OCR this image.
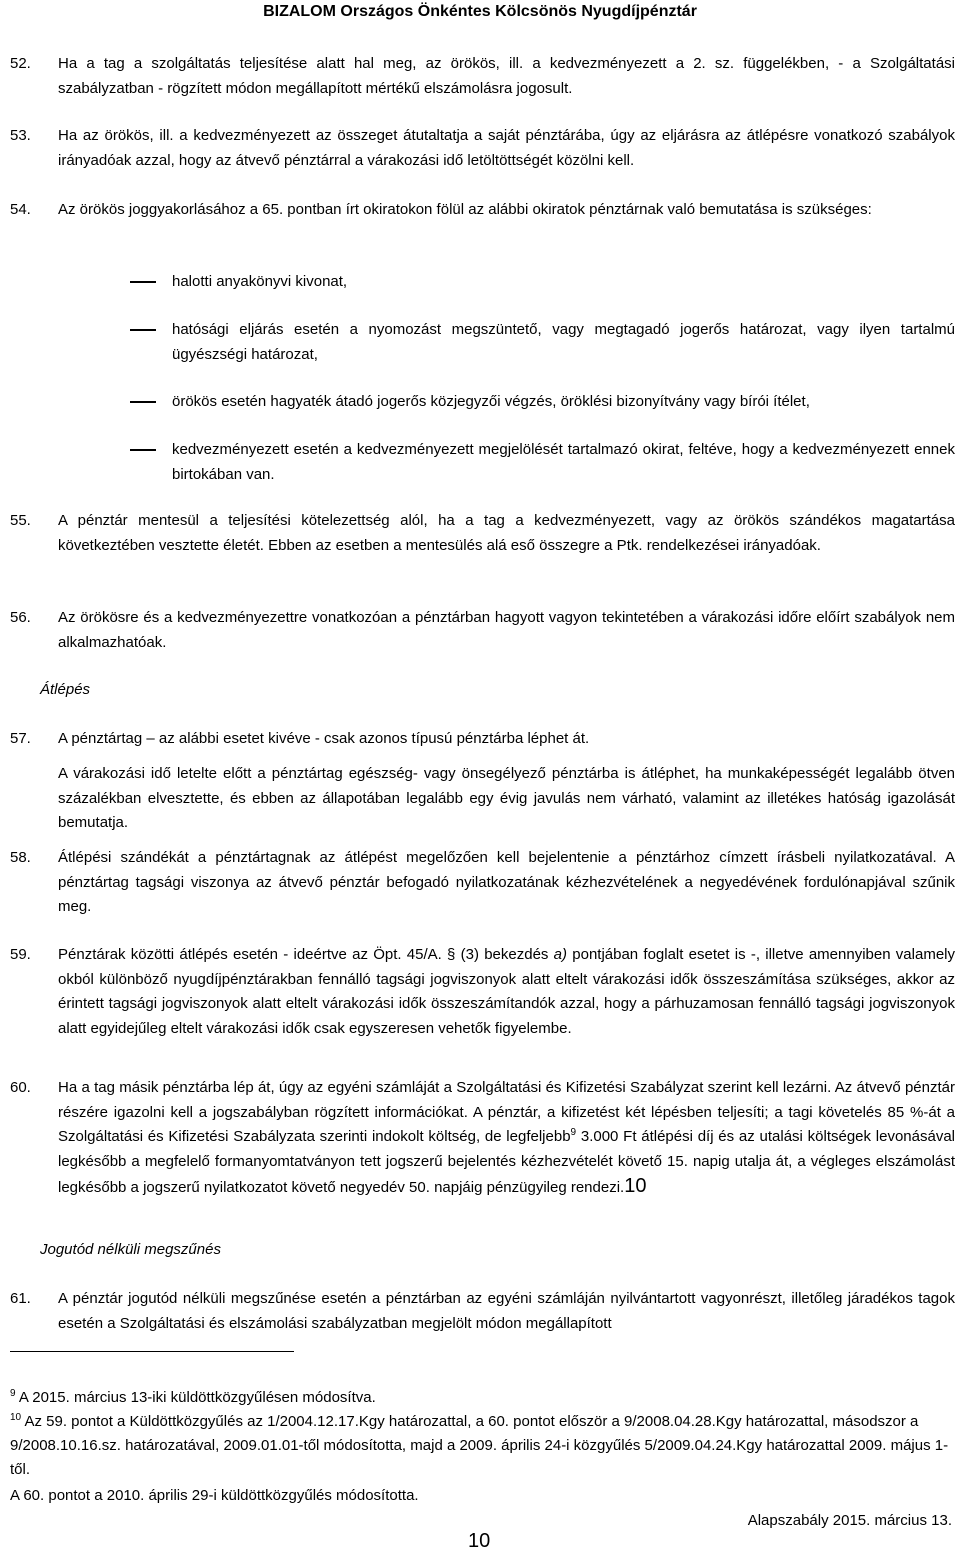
BIZALOM Országos Önkéntes Kölcsönös Nyugdíjpénztár
52.	Ha a tag a szolgáltatás teljesítése alatt hal meg, az örökös, ill. a kedvezményezett a 2. sz. függelékben, - a Szolgáltatási szabályzatban - rögzített módon megállapított mértékű elszámolásra jogosult.
53.	Ha az örökös, ill. a kedvezményezett az összeget átutaltatja a saját pénztárába, úgy az eljárásra az átlépésre vonatkozó szabályok irányadóak azzal, hogy az átvevő pénztárral a várakozási idő letöltöttségét közölni kell.
54.	Az örökös joggyakorlásához a 65. pontban írt okiratokon fölül az alábbi okiratok pénztárnak való bemutatása is szükséges:
halotti anyakönyvi kivonat,
hatósági eljárás esetén a nyomozást megszüntető, vagy megtagadó jogerős határozat, vagy ilyen tartalmú ügyészségi határozat,
örökös esetén hagyaték átadó jogerős közjegyzői végzés, öröklési bizonyítvány vagy bírói ítélet,
kedvezményezett esetén a kedvezményezett megjelölését tartalmazó okirat, feltéve, hogy a kedvezményezett ennek birtokában van.
55.	A pénztár mentesül a teljesítési kötelezettség alól, ha a tag a kedvezményezett, vagy az örökös szándékos magatartása következtében vesztette életét. Ebben az esetben a mentesülés alá eső összegre a Ptk. rendelkezései irányadóak.
56.	Az örökösre és a kedvezményezettre vonatkozóan a pénztárban hagyott vagyon tekintetében a várakozási időre előírt szabályok nem alkalmazhatóak.
Átlépés
57.	A pénztártag – az alábbi esetet kivéve - csak azonos típusú pénztárba léphet át.
A várakozási idő letelte előtt a pénztártag egészség- vagy önsegélyező pénztárba is átléphet, ha munkaképességét legalább ötven százalékban elvesztette, és ebben az állapotában legalább egy évig javulás nem várható, valamint az illetékes hatóság igazolását bemutatja.
58.	Átlépési szándékát a pénztártagnak az átlépést megelőzően kell bejelentenie a pénztárhoz címzett írásbeli nyilatkozatával. A pénztártag tagsági viszonya az átvevő pénztár befogadó nyilatkozatának kézhezvételének a negyedévének fordulónapjával szűnik meg.
59.	Pénztárak közötti átlépés esetén - ideértve az Öpt. 45/A. § (3) bekezdés a) pontjában foglalt esetet is -, illetve amennyiben valamely okból különböző nyugdíjpénztárakban fennálló tagsági jogviszonyok alatt eltelt várakozási idők összeszámítása szükséges, akkor az érintett tagsági jogviszonyok alatt eltelt várakozási idők összeszámítandók azzal, hogy a párhuzamosan fennálló tagsági jogviszonyok alatt egyidejűleg eltelt várakozási idők csak egyszeresen vehetők figyelembe.
60.	Ha a tag másik pénztárba lép át, úgy az egyéni számláját a Szolgáltatási és Kifizetési Szabályzat szerint kell lezárni. Az átvevő pénztár részére igazolni kell a jogszabályban rögzített információkat. A pénztár, a kifizetést két lépésben teljesíti; a tagi követelés 85 %-át a Szolgáltatási és Kifizetési Szabályzata szerinti indokolt költség, de legfeljebb$^9$ 3.000 Ft átlépési díj és az utalási költségek levonásával legkésőbb a megfelelő formanyomtatványon tett jogszerű bejelentés kézhezvételét követő 15. napig utalja át, a végleges elszámolást legkésőbb a jogszerű nyilatkozatot követő negyedév 50. napjáig pénzügyileg rendezi.10
Jogutód nélküli megszűnés
61.	A pénztár jogutód nélküli megszűnése esetén a pénztárban az egyéni számláján nyilvántartott vagyonrészt, illetőleg járadékos tagok esetén a Szolgáltatási és elszámolási szabályzatban megjelölt módon megállapított
$^9$ A 2015. március 13-iki küldöttközgyűlésen módosítva.
$^{10}$ Az 59. pontot a Küldöttközgyűlés az 1/2004.12.17.Kgy határozattal, a 60. pontot először a 9/2008.04.28.Kgy határozattal, másodszor a 9/2008.10.16.sz. határozatával, 2009.01.01-től módosította, majd a 2009. április 24-i közgyűlés 5/2009.04.24.Kgy határozattal 2009. május 1-től.
A 60. pontot a 2010. április 29-i küldöttközgyűlés módosította.
Alapszabály 2015. március 13.
10
